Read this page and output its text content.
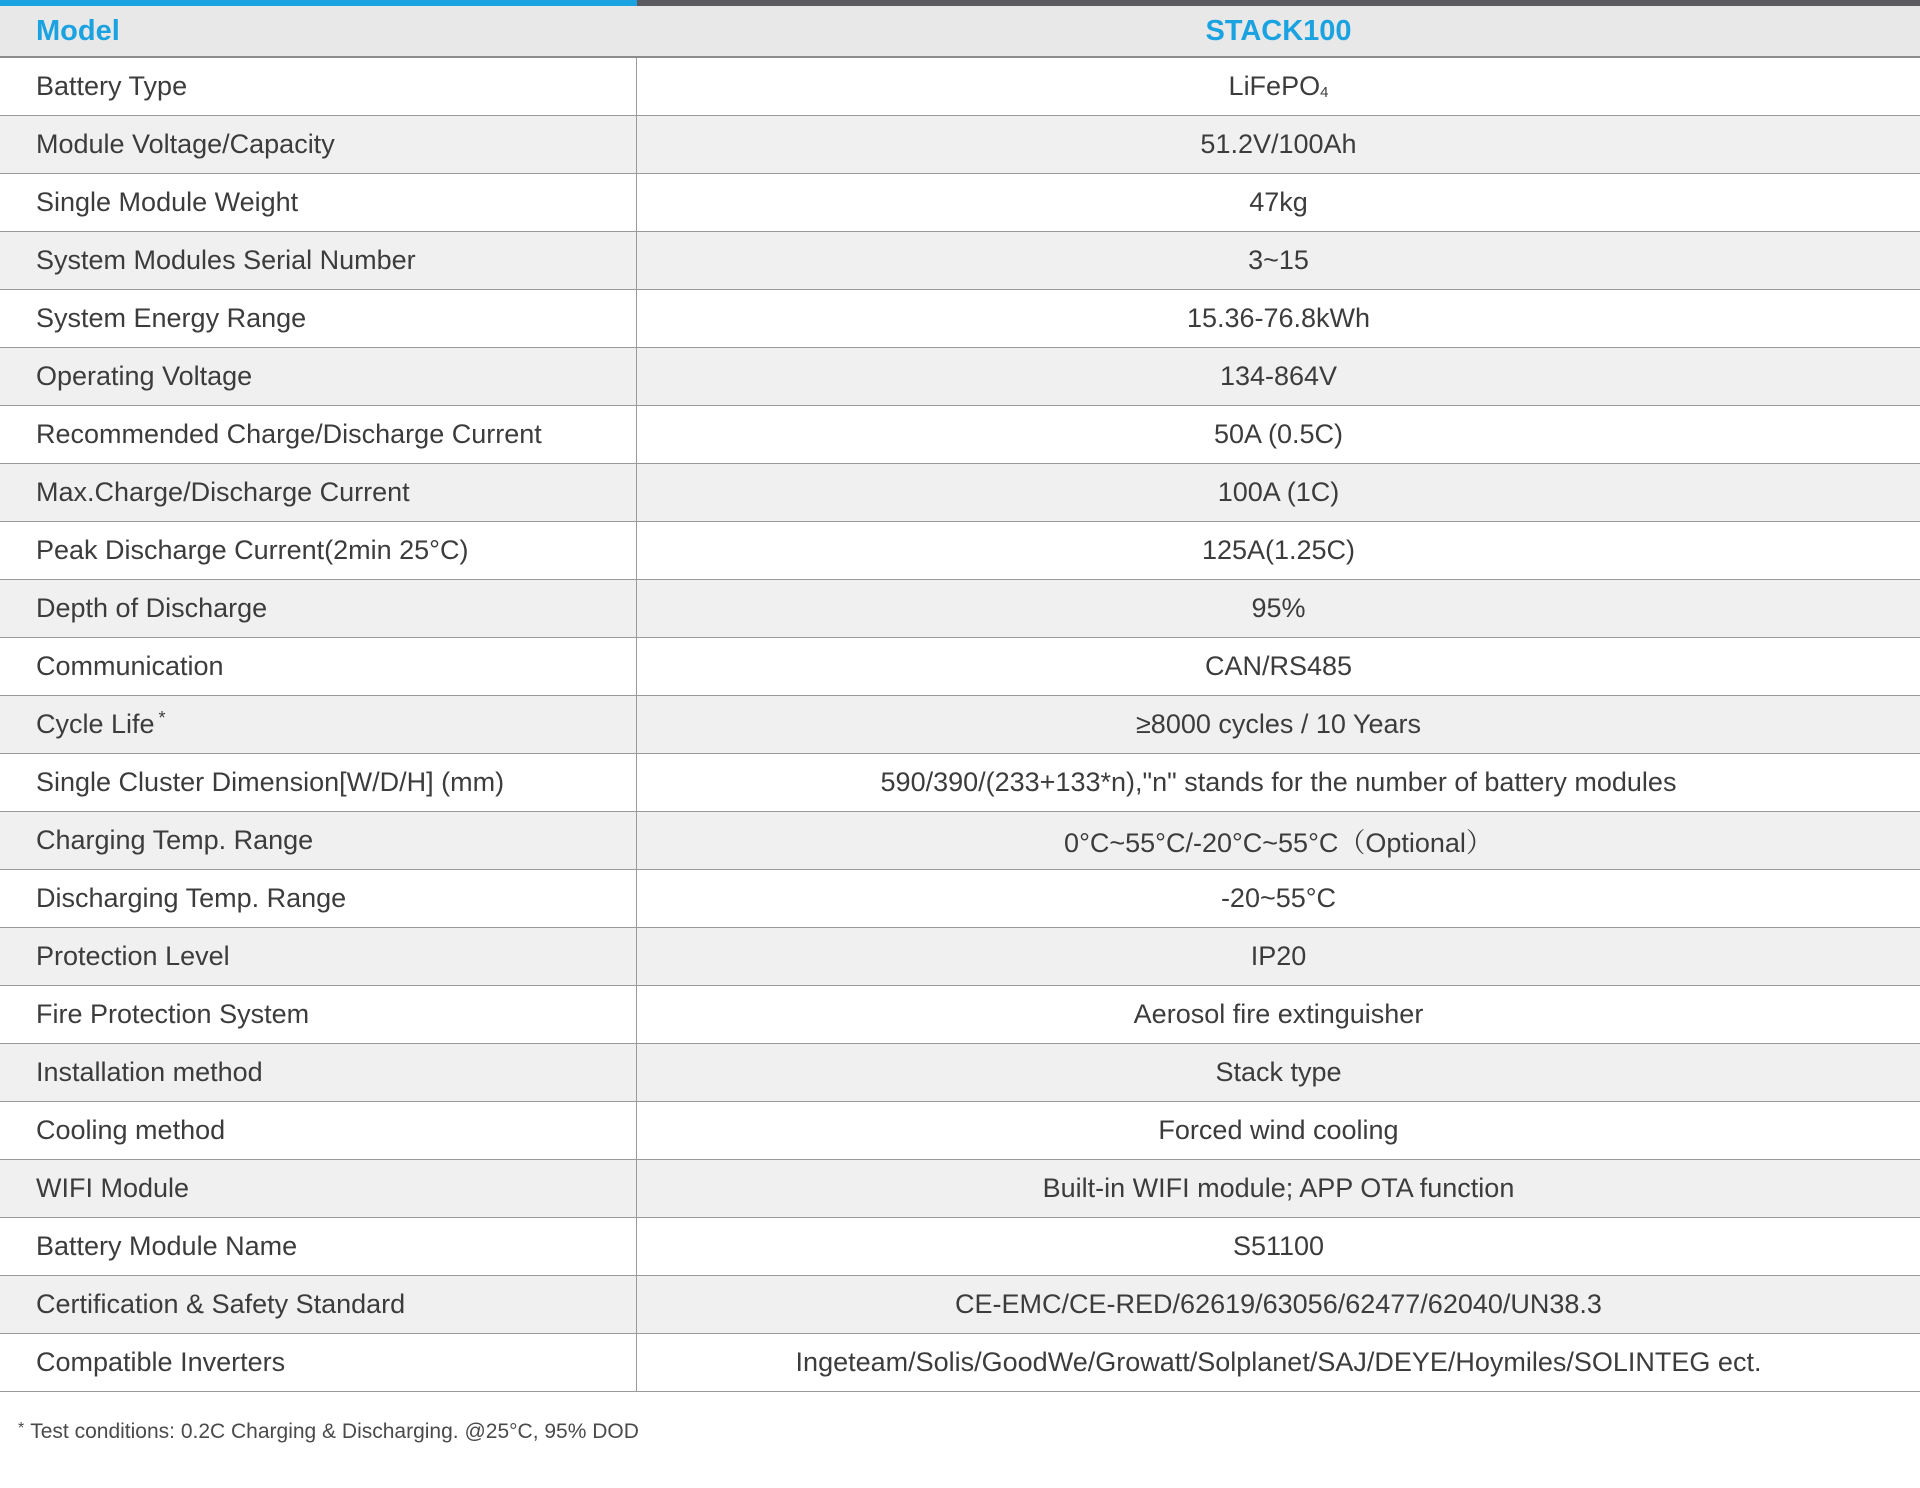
Model	STACK100
Battery Type	LiFePO$_4$
Module Voltage/Capacity	51.2V/100Ah
Single Module Weight	47kg
System Modules Serial Number	3~15
System Energy Range	15.36-76.8kWh
Operating Voltage	134-864V
Recommended Charge/Discharge Current	50A (0.5C)
Max.Charge/Discharge Current	100A (1C)
Peak Discharge Current(2min 25°C)	125A(1.25C)
Depth of Discharge	95%
Communication	CAN/RS485
Cycle Life*	≥8000 cycles / 10 Years
Single Cluster Dimension[W/D/H] (mm)	590/390/(233+133*n),"n" stands for the number of battery modules
Charging Temp. Range	0°C~55°C/-20°C~55°C（Optional）
Discharging Temp. Range	-20~55°C
Protection Level	IP20
Fire Protection System	Aerosol fire extinguisher
Installation method	Stack type
Cooling method	Forced wind cooling
WIFI Module	Built-in WIFI module; APP OTA function
Battery Module Name	S51100
Certification & Safety Standard	CE-EMC/CE-RED/62619/63056/62477/62040/UN38.3
Compatible Inverters	Ingeteam/Solis/GoodWe/Growatt/Solplanet/SAJ/DEYE/Hoymiles/SOLINTEG ect.
* Test conditions: 0.2C Charging & Discharging. @25°C, 95% DOD
